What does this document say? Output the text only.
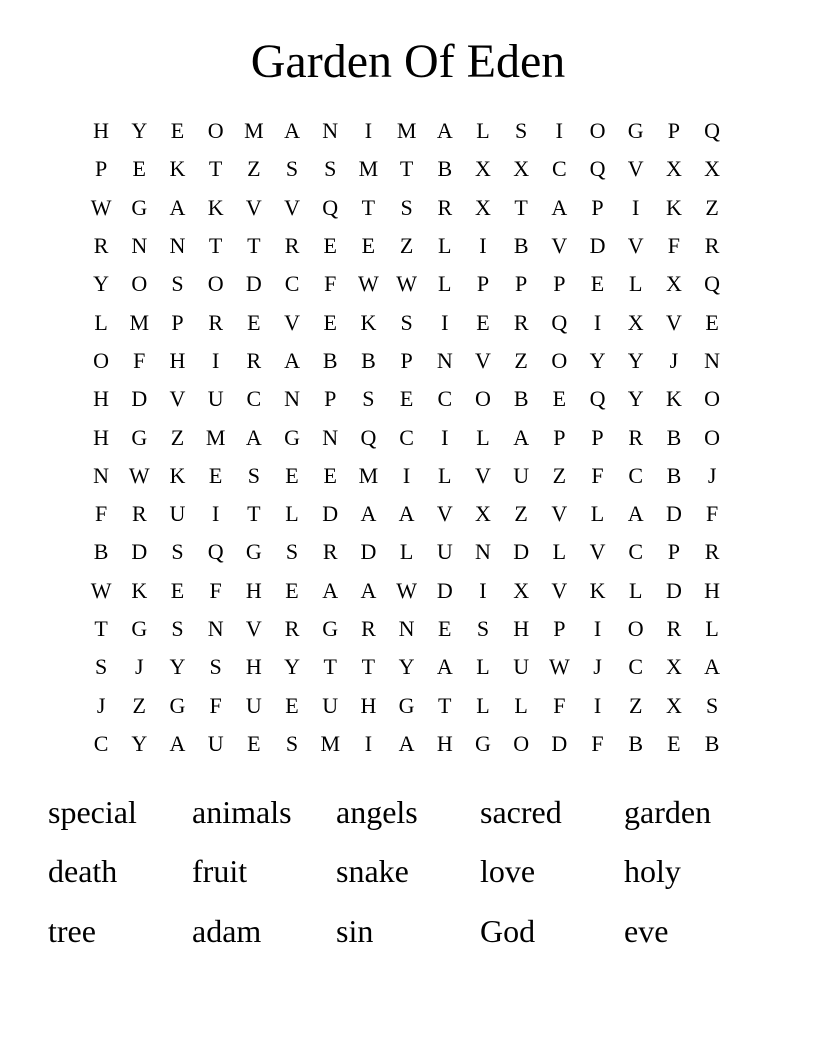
Garden Of Eden
H	Y	E	O M A	N	I	M A	L	S	I	O	G	P	Q
P	E	K	T	Z	S	S	M T	B	X	X	C	Q	V	X	X
W G	A	K	V	V	Q	T	S	R	X	T	A	P	I	K	Z
R	N	N	T	T	R	E	E	Z	L	I	B	V	D	V	F	R
Y	O	S	O	D	C	F W W L	P	P	P	E	L	X	Q
L M	P	R	E	V	E	K	S	I	E	R	Q	I	X	V	E
O	F	H	I	R	A	B	B	P	N	V	Z	O	Y	Y	J	N
H	D	V	U	C	N	P	S	E	C	O	B	E	Q	Y	K	O
H	G	Z M A	G	N	Q	C	I	L	A	P	P	R	B	O
N W K	E	S	E	E M	I	L	V	U	Z	F	C	B	J
F	R	U	I	T	L	D	A	A	V	X	Z	V	L	A	D	F
B	D	S	Q	G	S	R	D	L	U	N	D	L	V	C	P	R
W K	E	F	H	E	A	A W D	I	X	V	K	L	D	H
T	G	S	N	V	R	G	R	N	E	S	H	P	I	O	R	L
S	J	Y	S	H	Y	T	T	Y	A	L	U W	J	C	X	A
J	Z	G	F	U	E	U	H	G	T	L	L	F	I	Z	X	S
C	Y	A	U	E	S	M	I	A	H	G	O	D	F	B	E	B
special	animals	angels	sacred	garden
death	fruit	snake	love	holy
tree	adam	sin	God	eve
